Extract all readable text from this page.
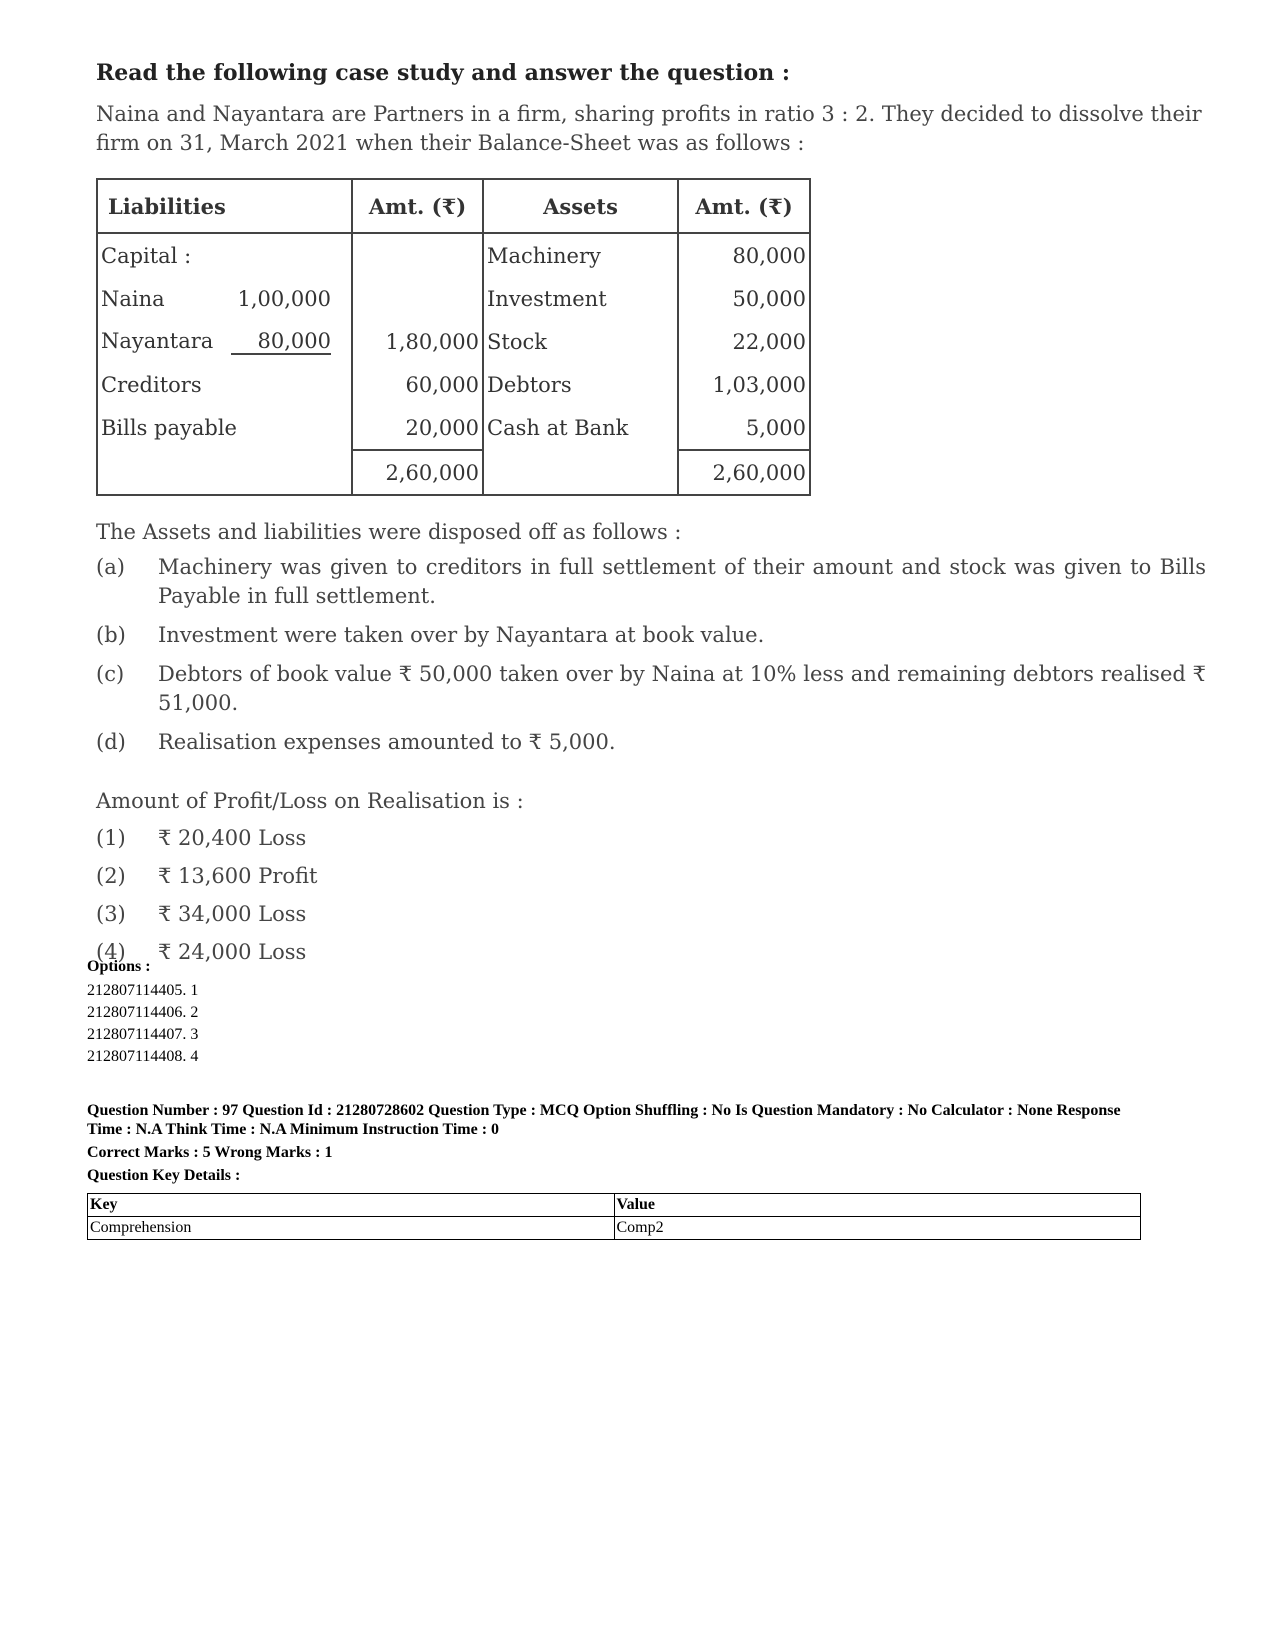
Read the following case study and answer the question :

Naina and Nayantara are Partners in a firm, sharing profits in ratio 3 : 2. They decided to dissolve their firm on 31, March 2021 when their Balance-Sheet was as follows :

Liabilities	Amt. (₹)	Assets	Amt. (₹)
Capital :		Machinery	80,000
Naina 1,00,000		Investment	50,000
Nayantara 80,000	1,80,000	Stock	22,000
Creditors	60,000	Debtors	1,03,000
Bills payable	20,000	Cash at Bank	5,000
	2,60,000		2,60,000

The Assets and liabilities were disposed off as follows :

(a)	Machinery was given to creditors in full settlement of their amount and stock was given to Bills Payable in full settlement.
(b)	Investment were taken over by Nayantara at book value.
(c)	Debtors of book value ₹ 50,000 taken over by Naina at 10% less and remaining debtors realised ₹ 51,000.
(d)	Realisation expenses amounted to ₹ 5,000.

Amount of Profit/Loss on Realisation is :

(1)	₹ 20,400 Loss
(2)	₹ 13,600 Profit
(3)	₹ 34,000 Loss
(4)	₹ 24,000 Loss
Options :
212807114405. 1
212807114406. 2
212807114407. 3
212807114408. 4
Question Number : 97 Question Id : 21280728602 Question Type : MCQ Option Shuffling : No Is Question Mandatory : No Calculator : None Response Time : N.A Think Time : N.A Minimum Instruction Time : 0
Correct Marks : 5 Wrong Marks : 1
Question Key Details :
Key	Value
Comprehension	Comp2
